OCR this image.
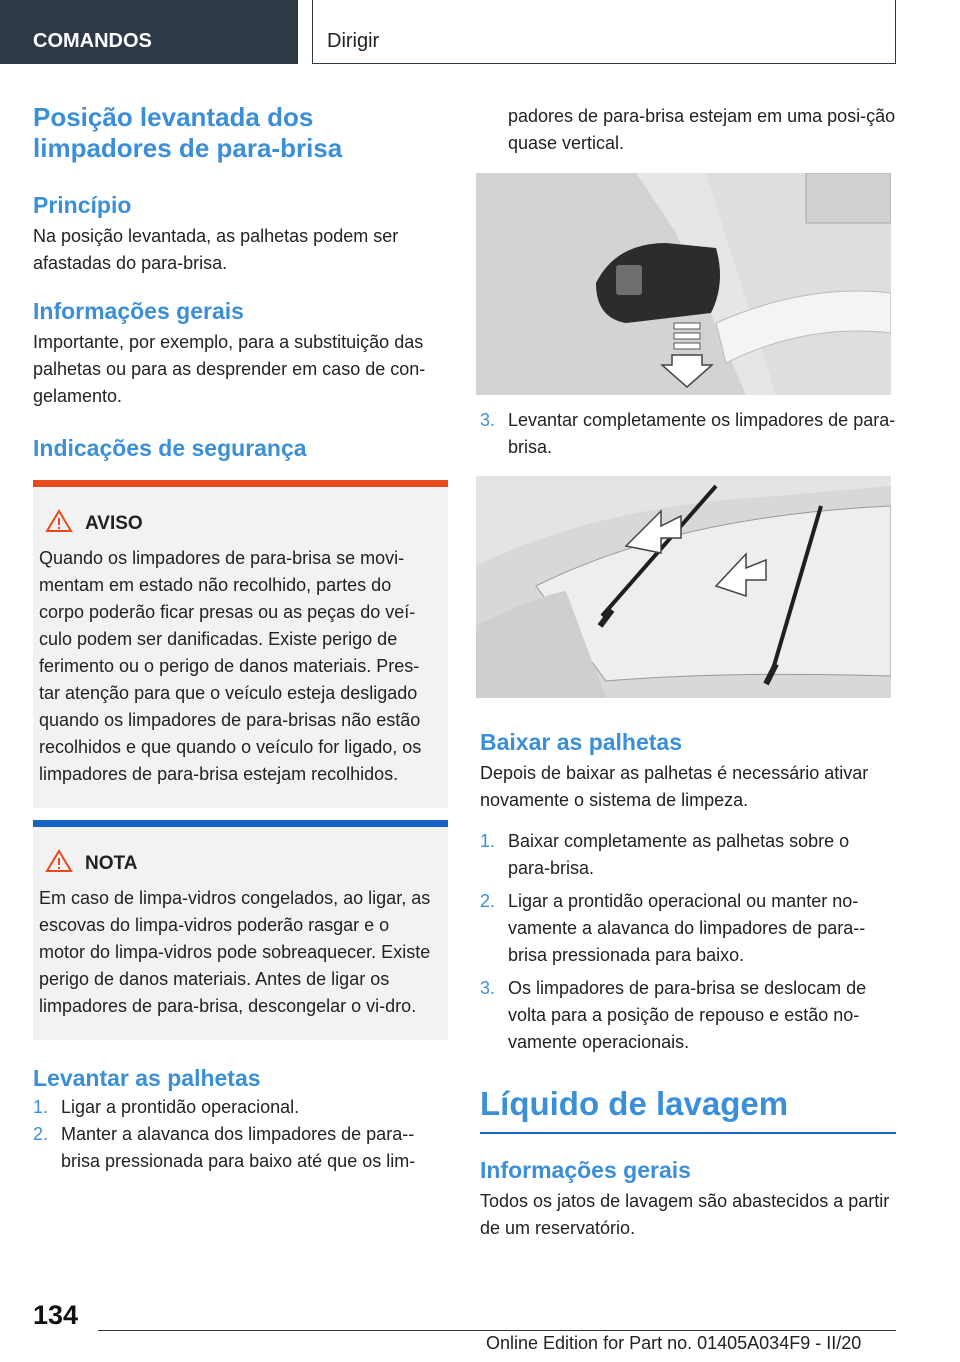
COMANDOS	Dirigir
Posição levantada dos limpadores de para-brisa
Princípio

Na posição levantada, as palhetas podem ser afastadas do para-brisa.

Informações gerais

Importante, por exemplo, para a substituição das palhetas ou para as desprender em caso de con-gelamento.

Indicações de segurança
AVISO

Quando os limpadores de para-brisa se movi-mentam em estado não recolhido, partes do corpo poderão ficar presas ou as peças do veí-culo podem ser danificadas. Existe perigo de ferimento ou o perigo de danos materiais. Pres-tar atenção para que o veículo esteja desligado quando os limpadores de para-brisas não estão recolhidos e que quando o veículo for ligado, os limpadores de para-brisa estejam recolhidos.

NOTA

Em caso de limpa-vidros congelados, ao ligar, as escovas do limpa-vidros poderão rasgar e o motor do limpa-vidros pode sobreaquecer. Existe perigo de danos materiais. Antes de ligar os limpadores de para-brisa, descongelar o vi-dro.

Levantar as palhetas
1. Ligar a prontidão operacional.
2. Manter a alavanca dos limpadores de para--brisa pressionada para baixo até que os lim-

padores de para-brisa estejam em uma posi-ção quase vertical.

3. Levantar completamente os limpadores de para-brisa.
Baixar as palhetas

Depois de baixar as palhetas é necessário ativar novamente o sistema de limpeza.

1. Baixar completamente as palhetas sobre o para-brisa.
2. Ligar a prontidão operacional ou manter no-vamente a alavanca do limpadores de para--brisa pressionada para baixo.
3. Os limpadores de para-brisa se deslocam de volta para a posição de repouso e estão no-vamente operacionais.
Líquido de lavagem
Informações gerais

Todos os jatos de lavagem são abastecidos a partir de um reservatório.

134
Online Edition for Part no. 01405A034F9 - II/20
